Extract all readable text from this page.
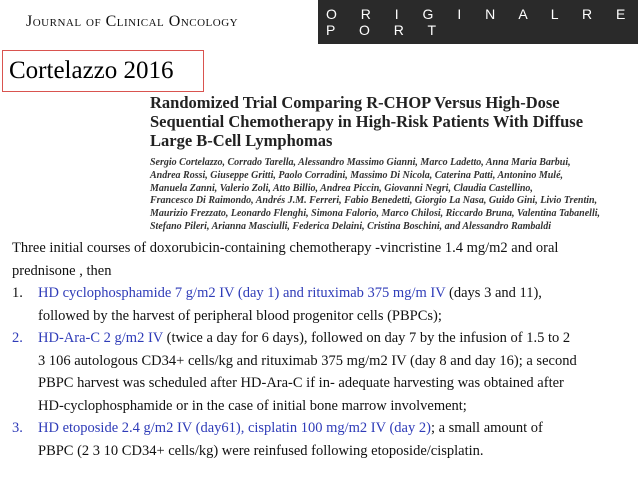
Journal of Clinical Oncology	O R I G I N A L R E P O R T
Cortelazzo 2016
Randomized Trial Comparing R-CHOP Versus High-Dose
Sequential Chemotherapy in High-Risk Patients With Diffuse
Large B-Cell Lymphomas
Sergio Cortelazzo, Corrado Tarella, Alessandro Massimo Gianni, Marco Ladetto, Anna Maria Barbui,
Andrea Rossi, Giuseppe Gritti, Paolo Corradini, Massimo Di Nicola, Caterina Patti, Antonino Mulé,
Manuela Zanni, Valerio Zoli, Atto Billio, Andrea Piccin, Giovanni Negri, Claudia Castellino,
Francesco Di Raimondo, Andrés J.M. Ferreri, Fabio Benedetti, Giorgio La Nasa, Guido Gini, Livio Trentin,
Maurizio Frezzato, Leonardo Flenghi, Simona Falorio, Marco Chilosi, Riccardo Bruna, Valentina Tabanelli,
Stefano Pileri, Arianna Masciulli, Federica Delaini, Cristina Boschini, and Alessandro Rambaldi
Three initial courses of doxorubicin-containing chemotherapy -vincristine 1.4 mg/m2 and oral
prednisone , then
1. HD cyclophosphamide 7 g/m2 IV (day 1) and rituximab 375 mg/m IV (days 3 and 11),
followed by the harvest of peripheral blood progenitor cells (PBPCs);
2. HD-Ara-C 2 g/m2 IV (twice a day for 6 days), followed on day 7 by the infusion of 1.5 to 2
3 106 autologous CD34+ cells/kg and rituximab 375 mg/m2 IV (day 8 and day 16); a second
PBPC harvest was scheduled after HD-Ara-C if in- adequate harvesting was obtained after
HD-cyclophosphamide or in the case of initial bone marrow involvement;
3. HD etoposide 2.4 g/m2 IV (day61), cisplatin 100 mg/m2 IV (day 2); a small amount of
PBPC (2 3 10 CD34+ cells/kg) were reinfused following etoposide/cisplatin.
